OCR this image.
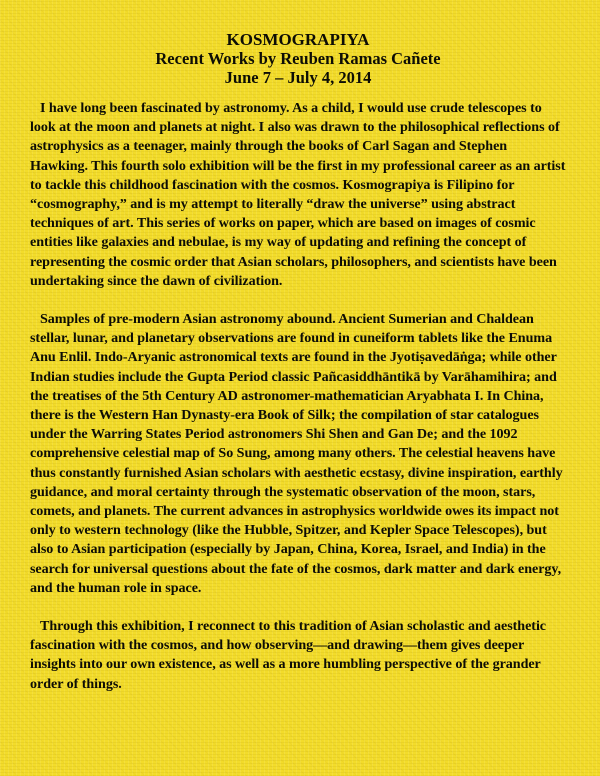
KOSMOGRAPIYA

Recent Works by Reuben Ramas Cañete

June 7 – July 4, 2014

I have long been fascinated by astronomy. As a child, I would use crude telescopes to look at the moon and planets at night. I also was drawn to the philosophical reflections of astrophysics as a teenager, mainly through the books of Carl Sagan and Stephen Hawking. This fourth solo exhibition will be the first in my professional career as an artist to tackle this childhood fascination with the cosmos. Kosmograpiya is Filipino for “cosmography,” and is my attempt to literally “draw the universe” using abstract techniques of art. This series of works on paper, which are based on images of cosmic entities like galaxies and nebulae, is my way of updating and refining the concept of representing the cosmic order that Asian scholars, philosophers, and scientists have been undertaking since the dawn of civilization.

Samples of pre-modern Asian astronomy abound. Ancient Sumerian and Chaldean stellar, lunar, and planetary observations are found in cuneiform tablets like the Enuma Anu Enlil. Indo-Aryanic astronomical texts are found in the Jyotiṣavedāṅga; while other Indian studies include the Gupta Period classic Pañcasiddhāntikā by Varāhamihira; and the treatises of the 5th Century AD astronomer-mathematician Aryabhata I. In China, there is the Western Han Dynasty-era Book of Silk; the compilation of star catalogues under the Warring States Period astronomers Shi Shen and Gan De; and the 1092 comprehensive celestial map of So Sung, among many others. The celestial heavens have thus constantly furnished Asian scholars with aesthetic ecstasy, divine inspiration, earthly guidance, and moral certainty through the systematic observation of the moon, stars, comets, and planets. The current advances in astrophysics worldwide owes its impact not only to western technology (like the Hubble, Spitzer, and Kepler Space Telescopes), but also to Asian participation (especially by Japan, China, Korea, Israel, and India) in the search for universal questions about the fate of the cosmos, dark matter and dark energy, and the human role in space.

Through this exhibition, I reconnect to this tradition of Asian scholastic and aesthetic fascination with the cosmos, and how observing—and drawing—them gives deeper insights into our own existence, as well as a more humbling perspective of the grander order of things.
